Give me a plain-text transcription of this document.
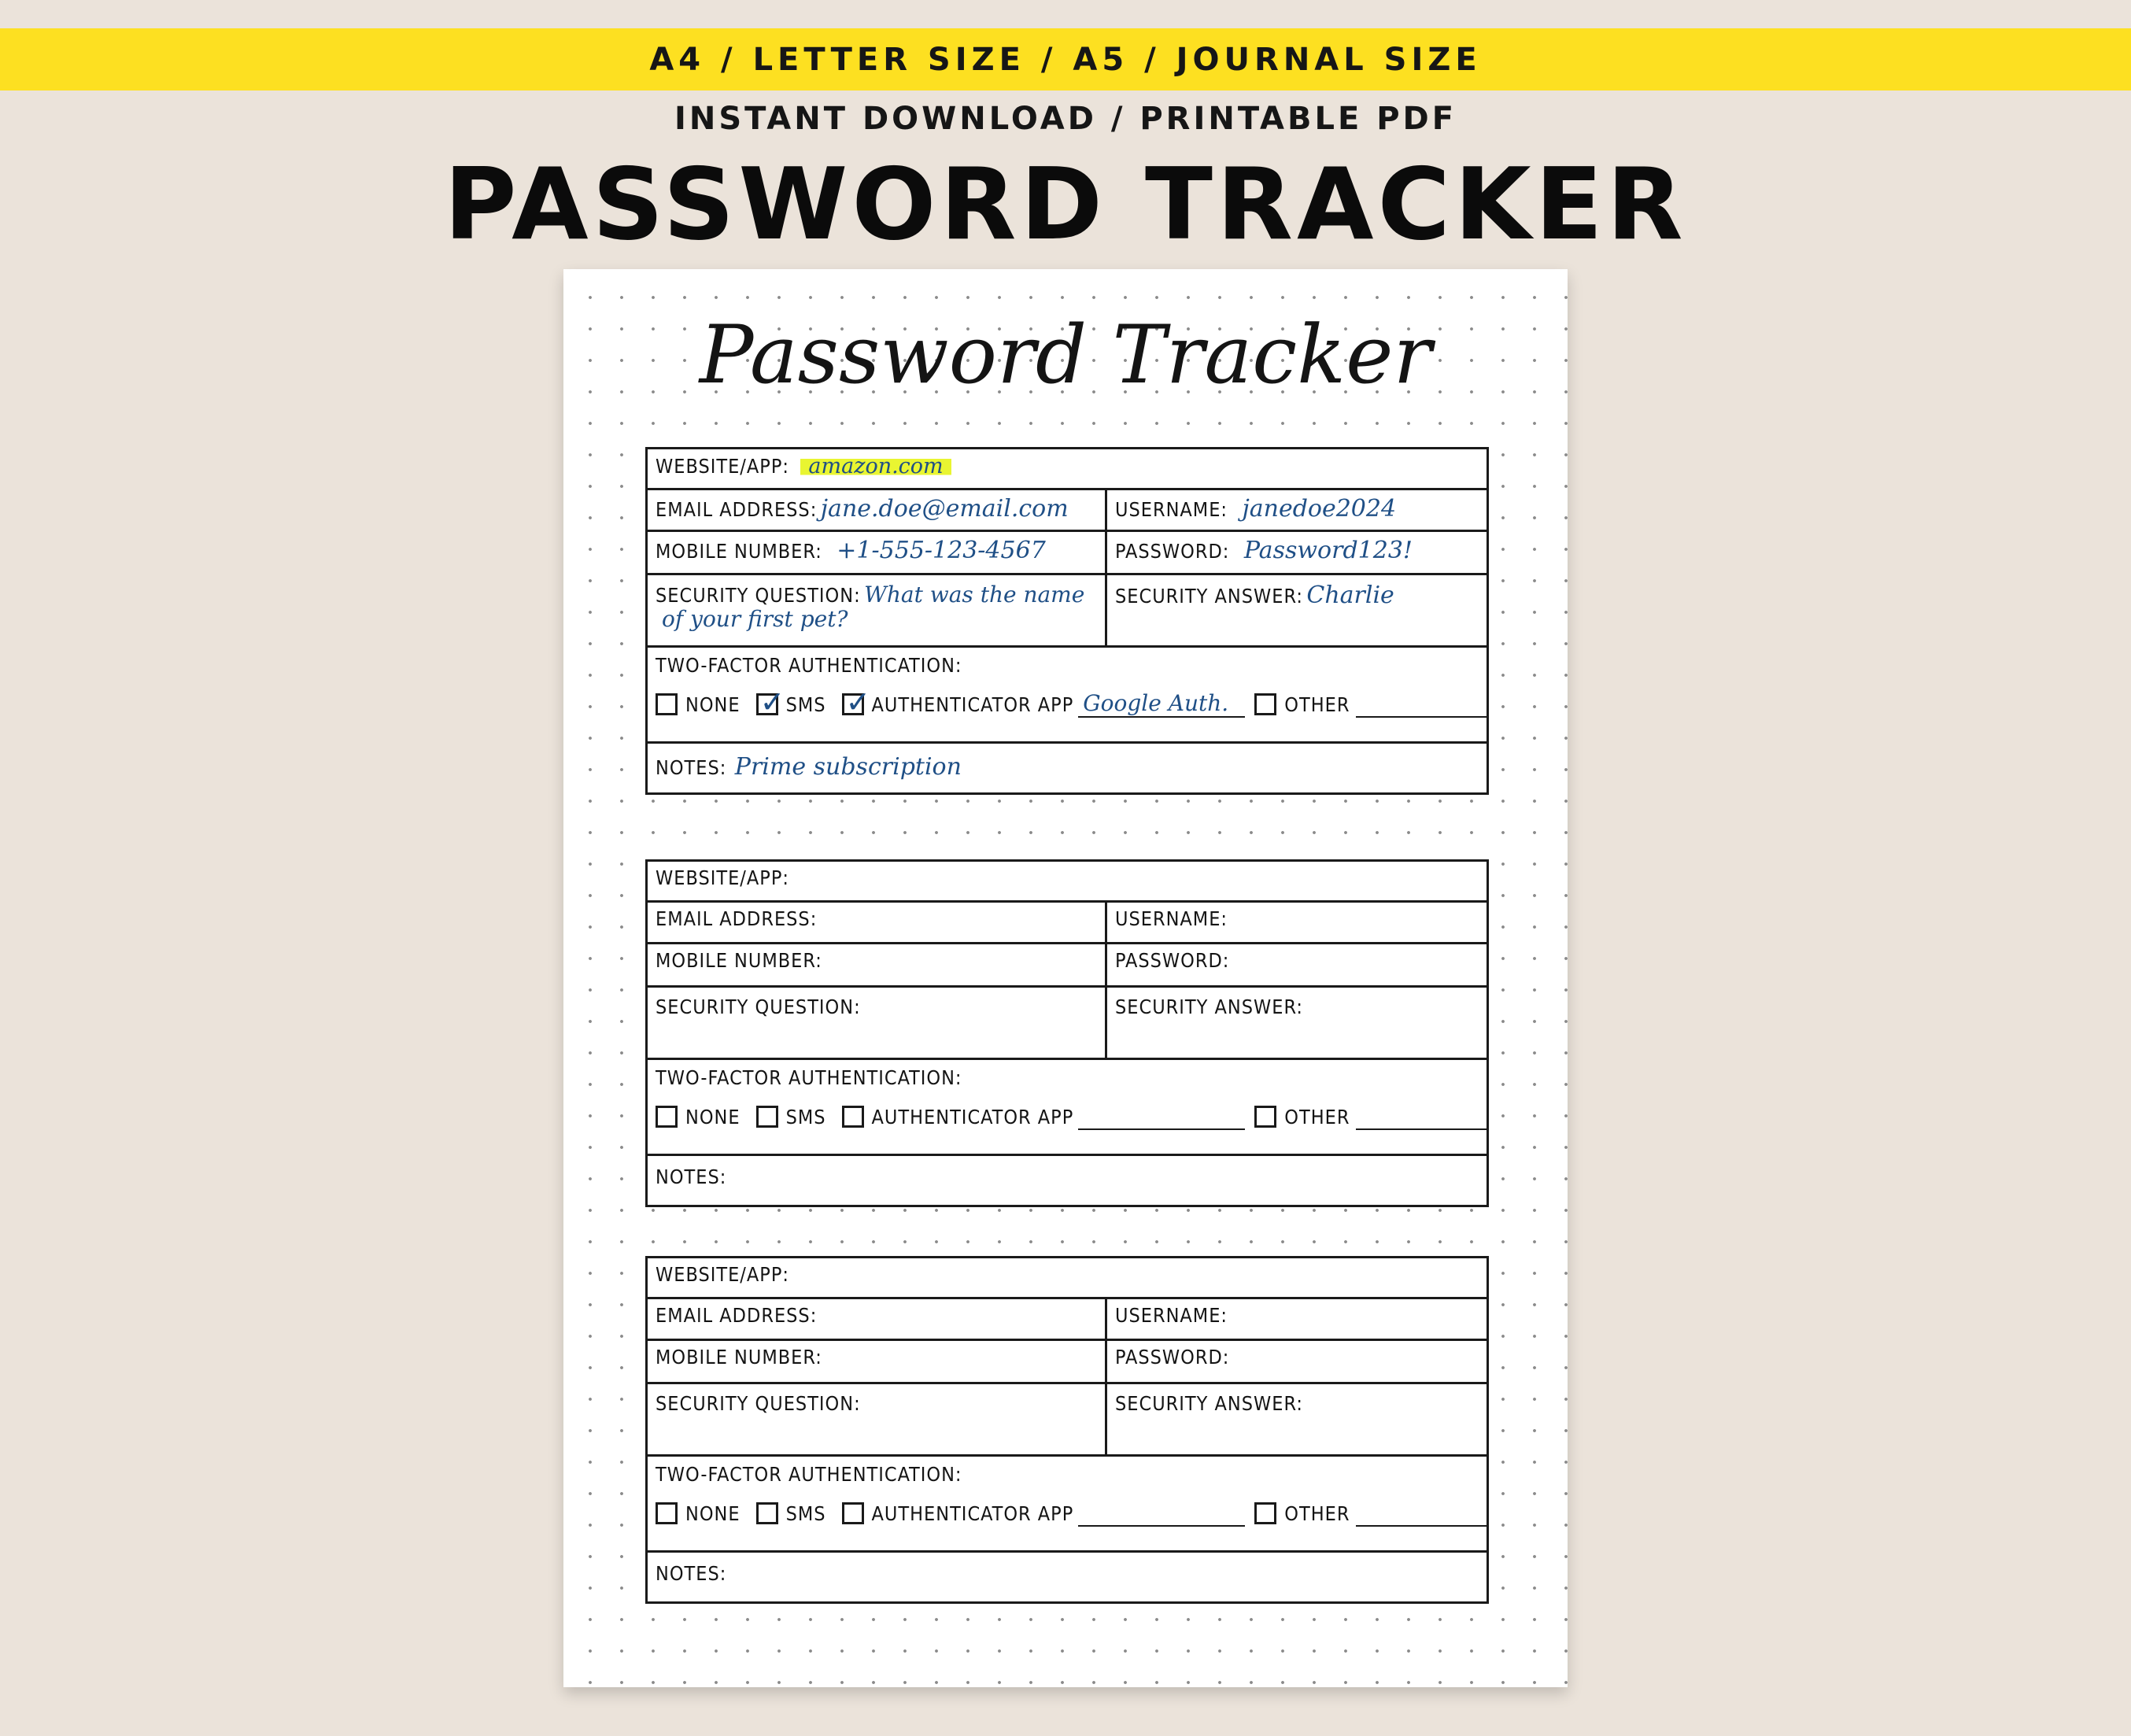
A4 / LETTER SIZE / A5 / JOURNAL SIZE
INSTANT DOWNLOAD / PRINTABLE PDF
PASSWORD TRACKER
Password Tracker
WEBSITE/APP: amazon.com
EMAIL ADDRESS: jane.doe@email.com	USERNAME: janedoe2024
MOBILE NUMBER: +1-555-123-4567	PASSWORD: Password123!
SECURITY QUESTION: What was the name
of your first pet?
SECURITY ANSWER: Charlie
TWO-FACTOR AUTHENTICATION:
NONE ✓ SMS ✓ AUTHENTICATOR APP Google Auth.	OTHER
NOTES: Prime subscription
WEBSITE/APP:
EMAIL ADDRESS:	USERNAME:
MOBILE NUMBER:	PASSWORD:
SECURITY QUESTION:	SECURITY ANSWER:
TWO-FACTOR AUTHENTICATION:
NONE SMS AUTHENTICATOR APP	OTHER
NOTES:
WEBSITE/APP:
EMAIL ADDRESS:	USERNAME:
MOBILE NUMBER:	PASSWORD:
SECURITY QUESTION:	SECURITY ANSWER:
TWO-FACTOR AUTHENTICATION:
NONE SMS AUTHENTICATOR APP	OTHER
NOTES:
